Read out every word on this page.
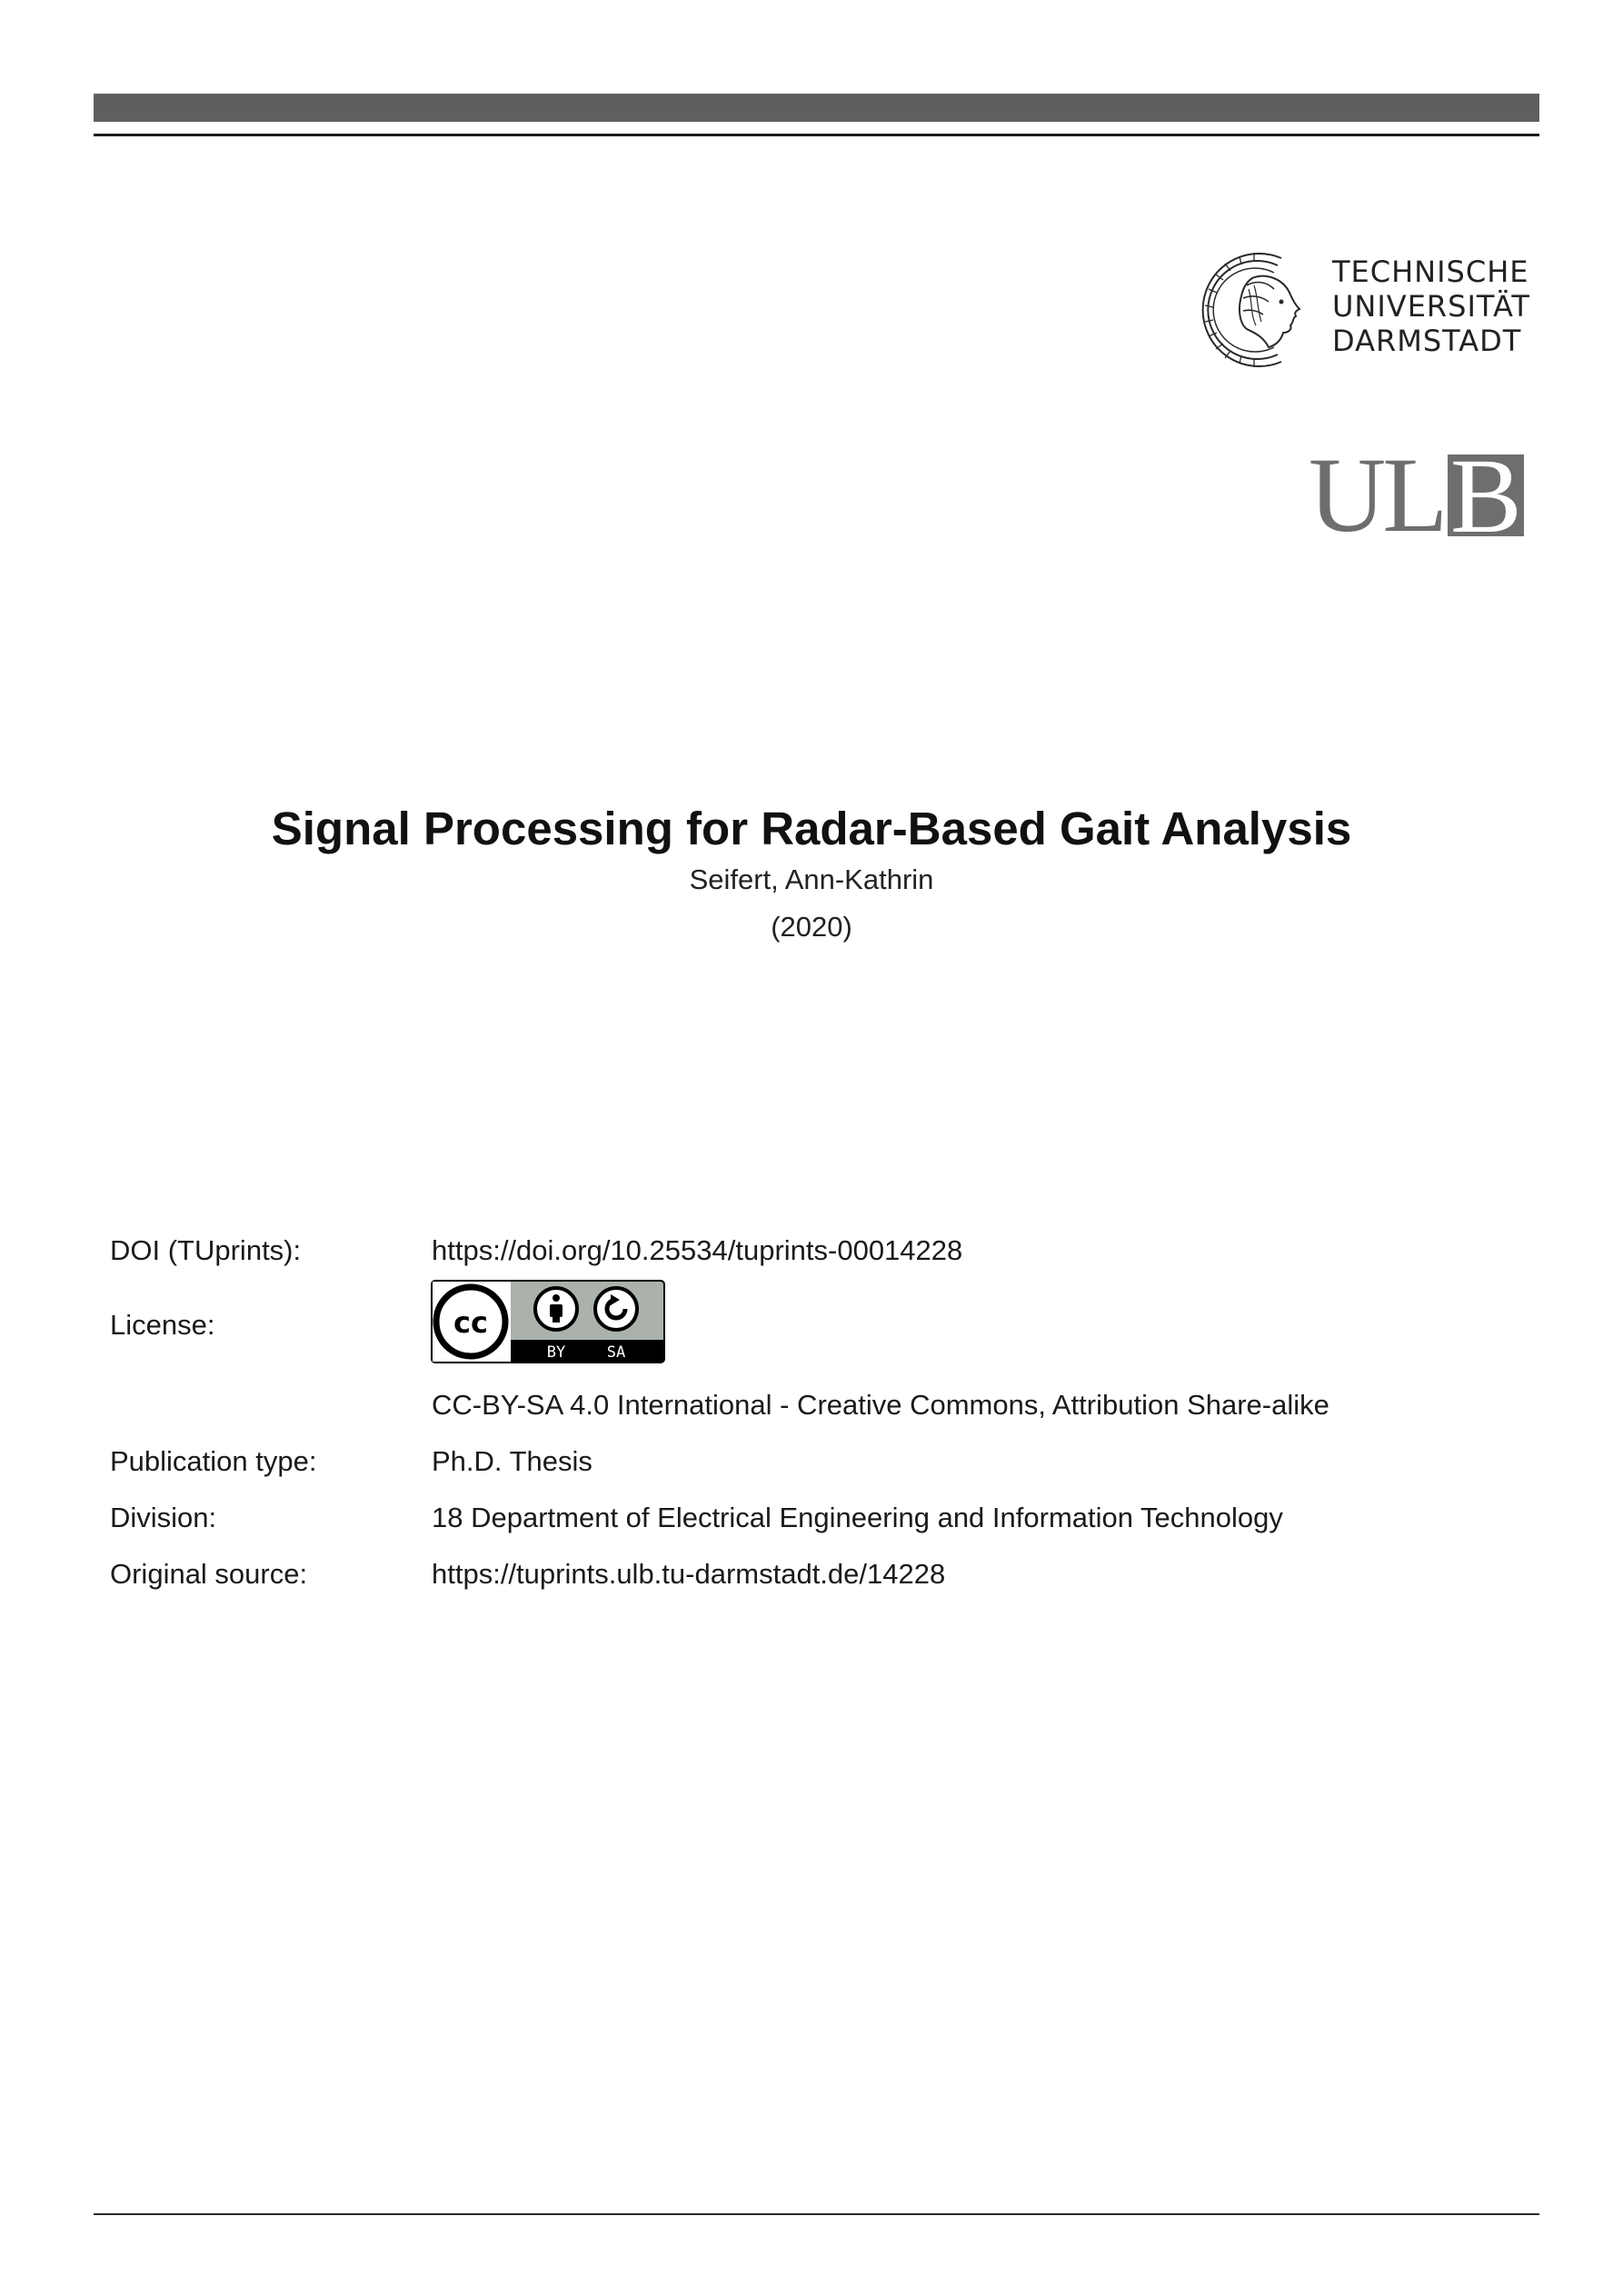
TECHNISCHE
UNIVERSITÄT
DARMSTADT
ULB
Signal Processing for Radar-Based Gait Analysis
Seifert, Ann-Kathrin
(2020)
DOI (TUprints):	https://doi.org/10.25534/tuprints-00014228
License:
CC-BY-SA 4.0 International - Creative Commons, Attribution Share-alike
Publication type:	Ph.D. Thesis
Division:	18 Department of Electrical Engineering and Information Technology
Original source:	https://tuprints.ulb.tu-darmstadt.de/14228
cc
BY	SA
